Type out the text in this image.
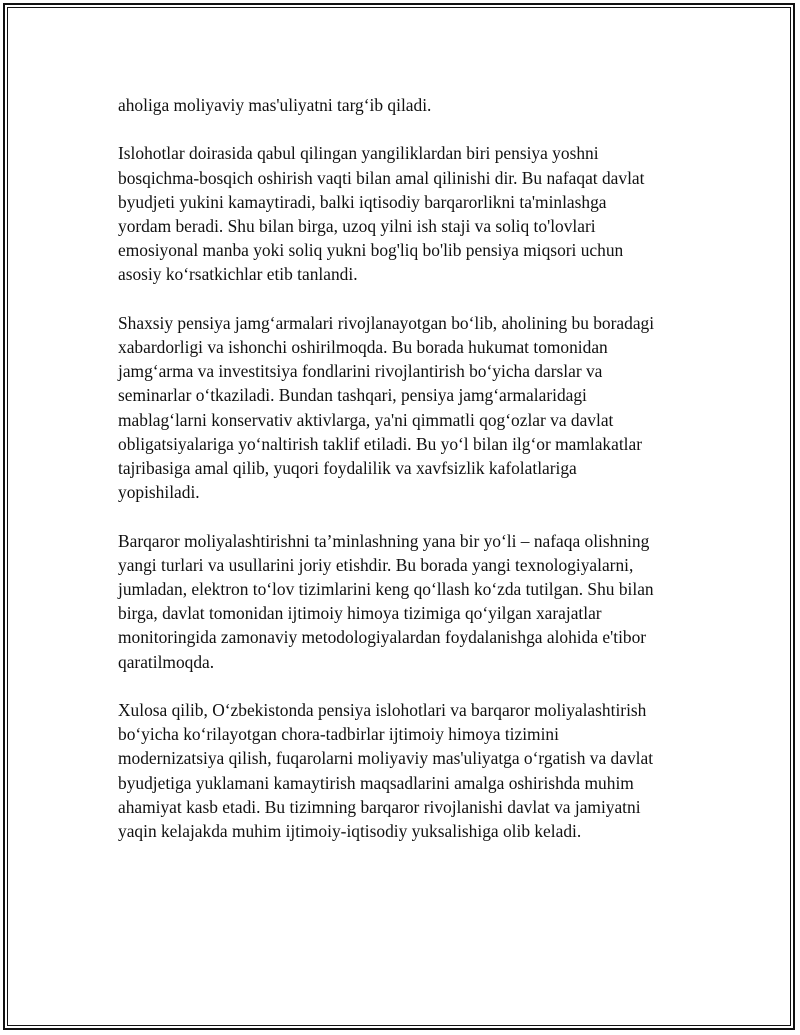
aholiga moliyaviy mas'uliyatni targ‘ib qiladi.

Islohotlar doirasida qabul qilingan yangiliklardan biri pensiya yoshni
bosqichma-bosqich oshirish vaqti bilan amal qilinishi dir. Bu nafaqat davlat
byudjeti yukini kamaytiradi, balki iqtisodiy barqarorlikni ta'minlashga
yordam beradi. Shu bilan birga, uzoq yilni ish staji va soliq to'lovlari
emosiyonal manba yoki soliq yukni bog'liq bo'lib pensiya miqsori uchun
asosiy ko‘rsatkichlar etib tanlandi.

Shaxsiy pensiya jamg‘armalari rivojlanayotgan bo‘lib, aholining bu boradagi
xabardorligi va ishonchi oshirilmoqda. Bu borada hukumat tomonidan
jamg‘arma va investitsiya fondlarini rivojlantirish bo‘yicha darslar va
seminarlar o‘tkaziladi. Bundan tashqari, pensiya jamg‘armalaridagi
mablag‘larni konservativ aktivlarga, ya'ni qimmatli qog‘ozlar va davlat
obligatsiyalariga yo‘naltirish taklif etiladi. Bu yo‘l bilan ilg‘or mamlakatlar
tajribasiga amal qilib, yuqori foydalilik va xavfsizlik kafolatlariga
yopishiladi.

Barqaror moliyalashtirishni ta’minlashning yana bir yo‘li – nafaqa olishning
yangi turlari va usullarini joriy etishdir. Bu borada yangi texnologiyalarni,
jumladan, elektron to‘lov tizimlarini keng qo‘llash ko‘zda tutilgan. Shu bilan
birga, davlat tomonidan ijtimoiy himoya tizimiga qo‘yilgan xarajatlar
monitoringida zamonaviy metodologiyalardan foydalanishga alohida e'tibor
qaratilmoqda.

Xulosa qilib, O‘zbekistonda pensiya islohotlari va barqaror moliyalashtirish
bo‘yicha ko‘rilayotgan chora-tadbirlar ijtimoiy himoya tizimini
modernizatsiya qilish, fuqarolarni moliyaviy mas'uliyatga o‘rgatish va davlat
byudjetiga yuklamani kamaytirish maqsadlarini amalga oshirishda muhim
ahamiyat kasb etadi. Bu tizimning barqaror rivojlanishi davlat va jamiyatni
yaqin kelajakda muhim ijtimoiy-iqtisodiy yuksalishiga olib keladi.
